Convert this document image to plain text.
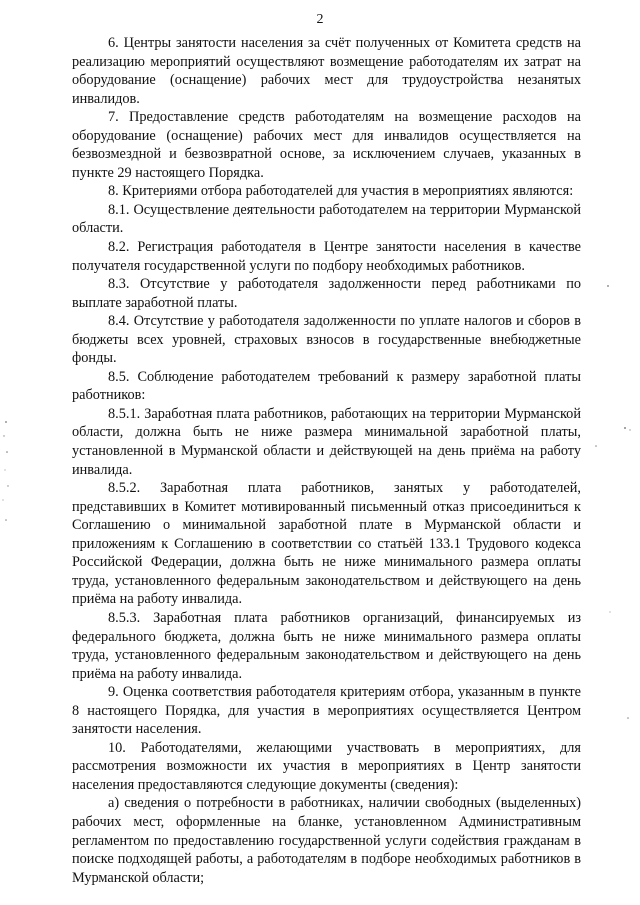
2

6. Центры занятости населения за счёт полученных от Комитета средств на реализацию мероприятий осуществляют возмещение работодателям их затрат на оборудование (оснащение) рабочих мест для трудоустройства незанятых инвалидов.

7. Предоставление средств работодателям на возмещение расходов на оборудование (оснащение) рабочих мест для инвалидов осуществляется на безвозмездной и безвозвратной основе, за исключением случаев, указанных в пункте 29 настоящего Порядка.

8. Критериями отбора работодателей для участия в мероприятиях являются:

8.1. Осуществление деятельности работодателем на территории Мурманской области.

8.2. Регистрация работодателя в Центре занятости населения в качестве получателя государственной услуги по подбору необходимых работников.

8.3. Отсутствие у работодателя задолженности перед работниками по выплате заработной платы.

8.4. Отсутствие у работодателя задолженности по уплате налогов и сборов в бюджеты всех уровней, страховых взносов в государственные внебюджетные фонды.

8.5. Соблюдение работодателем требований к размеру заработной платы работников:

8.5.1. Заработная плата работников, работающих на территории Мурманской области, должна быть не ниже размера минимальной заработной платы, установленной в Мурманской области и действующей на день приёма на работу инвалида.

8.5.2. Заработная плата работников, занятых у работодателей, представивших в Комитет мотивированный письменный отказ присоединиться к Соглашению о минимальной заработной плате в Мурманской области и приложениям к Соглашению в соответствии со статьёй 133.1 Трудового кодекса Российской Федерации, должна быть не ниже минимального размера оплаты труда, установленного федеральным законодательством и действующего на день приёма на работу инвалида.

8.5.3. Заработная плата работников организаций, финансируемых из федерального бюджета, должна быть не ниже минимального размера оплаты труда, установленного федеральным законодательством и действующего на день приёма на работу инвалида.

9. Оценка соответствия работодателя критериям отбора, указанным в пункте 8 настоящего Порядка, для участия в мероприятиях осуществляется Центром занятости населения.

10. Работодателями, желающими участвовать в мероприятиях, для рассмотрения возможности их участия в мероприятиях в Центр занятости населения предоставляются следующие документы (сведения):

а) сведения о потребности в работниках, наличии свободных (выделенных) рабочих мест, оформленные на бланке, установленном Административным регламентом по предоставлению государственной услуги содействия гражданам в поиске подходящей работы, а работодателям в подборе необходимых работников в Мурманской области;
